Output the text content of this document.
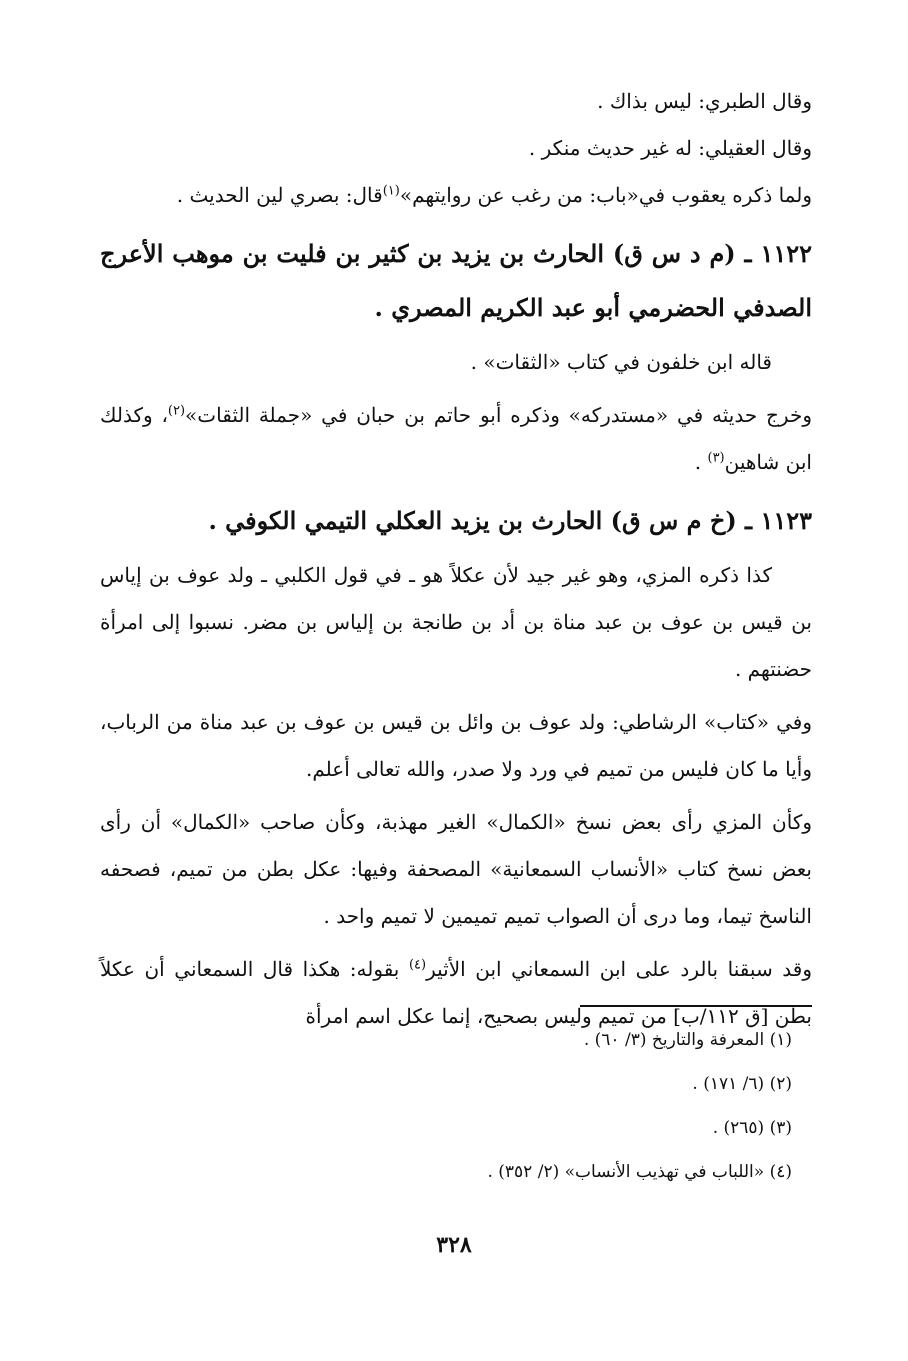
وقال الطبري: ليس بذاك .

وقال العقيلي: له غير حديث منكر .

ولما ذكره يعقوب في«باب: من رغب عن روايتهم»$^{(١)}$قال: بصري لين الحديث .

١١٢٢ ـ (م د س ق) الحارث بن يزيد بن كثير بن فليت بن موهب الأعرج الصدفي الحضرمي أبو عبد الكريم المصري .

قاله ابن خلفون في كتاب «الثقات» .

وخرج حديثه في «مستدركه» وذكره أبو حاتم بن حبان في «جملة الثقات»$^{(٢)}$، وكذلك ابن شاهين$^{(٣)}$ .

١١٢٣ ـ (خ م س ق) الحارث بن يزيد العكلي التيمي الكوفي .

كذا ذكره المزي، وهو غير جيد لأن عكلاً هو ـ في قول الكلبي ـ ولد عوف بن إياس بن قيس بن عوف بن عبد مناة بن أد بن طانجة بن إلياس بن مضر. نسبوا إلى امرأة حضنتهم .

وفي «كتاب» الرشاطي: ولد عوف بن وائل بن قيس بن عوف بن عبد مناة من الرباب، وأيا ما كان فليس من تميم في ورد ولا صدر، والله تعالى أعلم.

وكأن المزي رأى بعض نسخ «الكمال» الغير مهذبة، وكأن صاحب «الكمال» أن رأى بعض نسخ كتاب «الأنساب السمعانية» المصحفة وفيها: عكل بطن من تميم، فصحفه الناسخ تيما، وما درى أن الصواب تميم تميمين لا تميم واحد .

وقد سبقنا بالرد على ابن السمعاني ابن الأثير$^{(٤)}$ بقوله: هكذا قال السمعاني أن عكلاً بطن [ق ١١٢/ب] من تميم وليس بصحيح، إنما عكل اسم امرأة

(١) المعرفة والتاريخ (٣/ ٦٠) .

(٢) (٦/ ١٧١) .

(٣) (٢٦٥) .

(٤) «اللباب في تهذيب الأنساب» (٢/ ٣٥٢) .

٣٢٨
